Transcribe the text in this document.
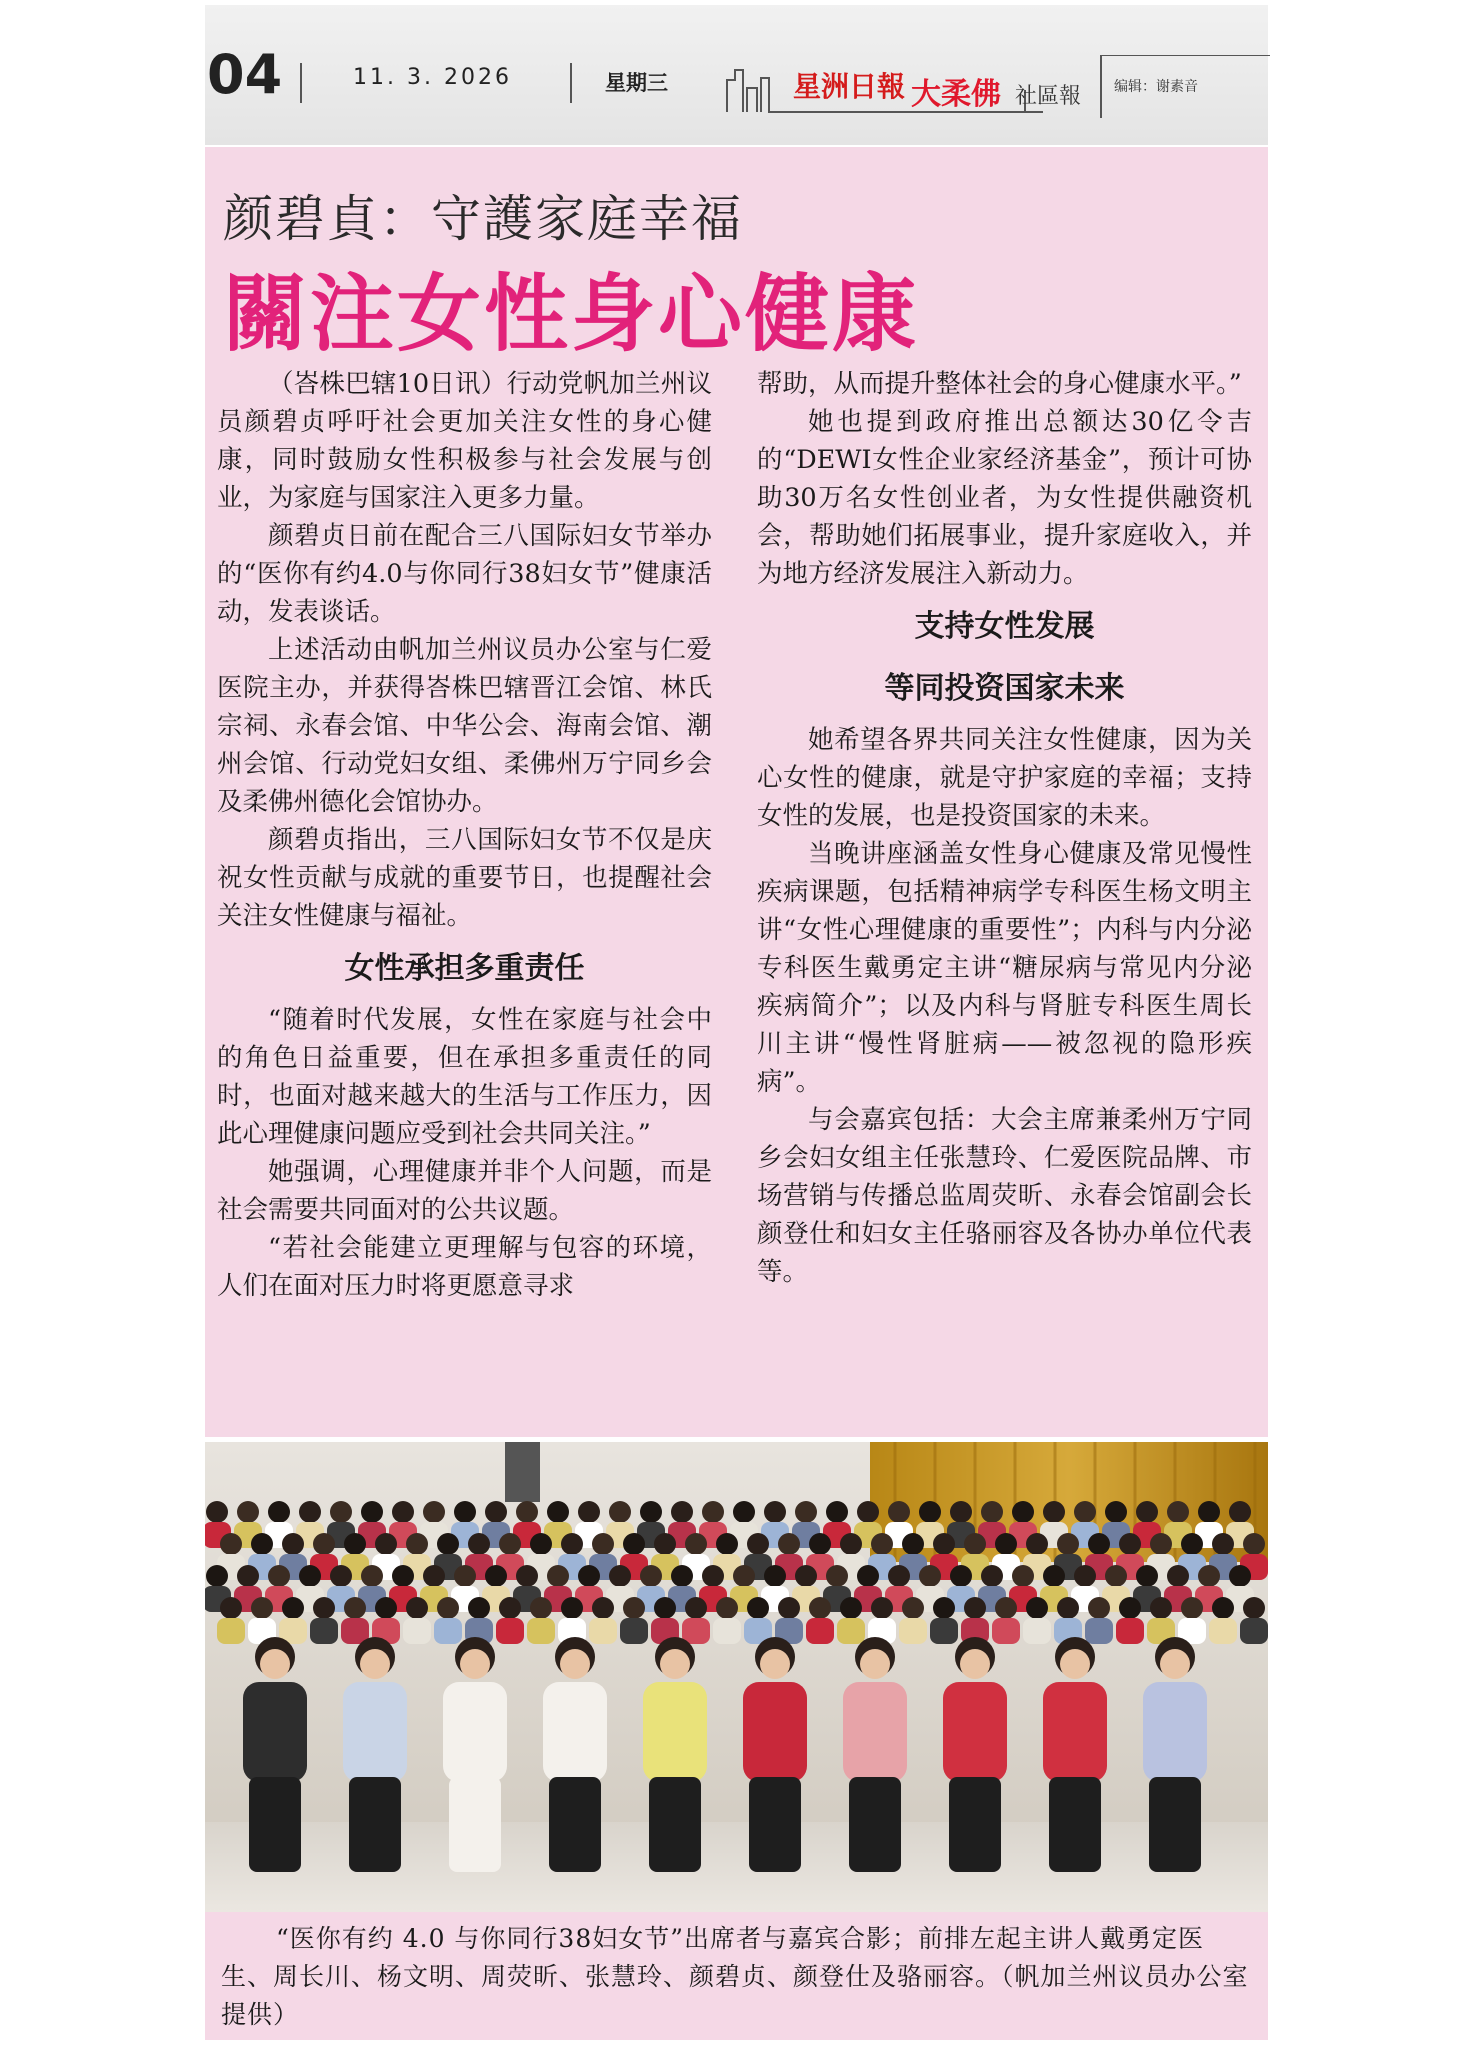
04	11. 3. 2026	星期三	星洲日報 大柔佛 社區報 编辑：谢素音
颜碧貞：守護家庭幸福
關注女性身心健康

（峇株巴辖10日讯）行动党帆加兰州议员颜碧贞呼吁社会更加关注女性的身心健康，同时鼓励女性积极参与社会发展与创业，为家庭与国家注入更多力量。

颜碧贞日前在配合三八国际妇女节举办的“医你有约4.0与你同行38妇女节”健康活动，发表谈话。

上述活动由帆加兰州议员办公室与仁爱医院主办，并获得峇株巴辖晋江会馆、林氏宗祠、永春会馆、中华公会、海南会馆、潮州会馆、行动党妇女组、柔佛州万宁同乡会及柔佛州德化会馆协办。

颜碧贞指出，三八国际妇女节不仅是庆祝女性贡献与成就的重要节日，也提醒社会关注女性健康与福祉。

女性承担多重责任

“随着时代发展，女性在家庭与社会中的角色日益重要，但在承担多重责任的同时，也面对越来越大的生活与工作压力，因此心理健康问题应受到社会共同关注。”

她强调，心理健康并非个人问题，而是社会需要共同面对的公共议题。

“若社会能建立更理解与包容的环境，人们在面对压力时将更愿意寻求

帮助，从而提升整体社会的身心健康水平。”

她也提到政府推出总额达30亿令吉的“DEWI女性企业家经济基金”，预计可协助30万名女性创业者，为女性提供融资机会，帮助她们拓展事业，提升家庭收入，并为地方经济发展注入新动力。

支持女性发展
等同投资国家未来

她希望各界共同关注女性健康，因为关心女性的健康，就是守护家庭的幸福；支持女性的发展，也是投资国家的未来。

当晚讲座涵盖女性身心健康及常见慢性疾病课题，包括精神病学专科医生杨文明主讲“女性心理健康的重要性”；内科与内分泌专科医生戴勇定主讲“糖尿病与常见内分泌疾病简介”；以及内科与肾脏专科医生周长川主讲“慢性肾脏病——被忽视的隐形疾病”。

与会嘉宾包括：大会主席兼柔州万宁同乡会妇女组主任张慧玲、仁爱医院品牌、市场营销与传播总监周荧昕、永春会馆副会长颜登仕和妇女主任骆丽容及各协办单位代表等。

“医你有约 4.0 与你同行38妇女节”出席者与嘉宾合影；前排左起主讲人戴勇定医生、周长川、杨文明、周荧昕、张慧玲、颜碧贞、颜登仕及骆丽容。（帆加兰州议员办公室提供）
